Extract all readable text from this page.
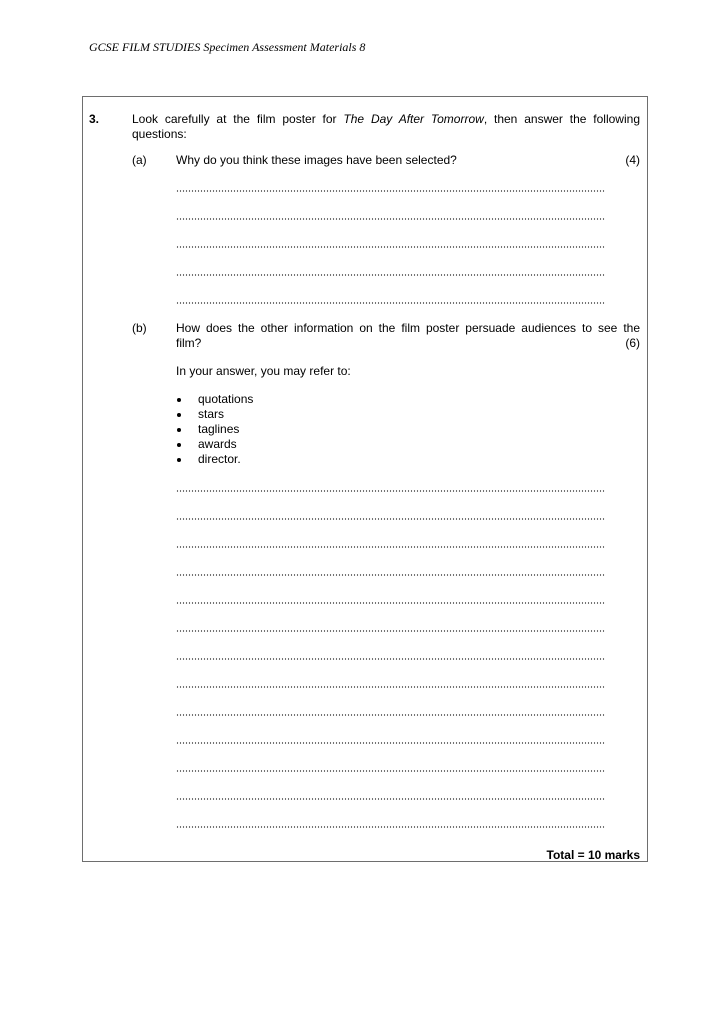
GCSE FILM STUDIES Specimen Assessment Materials 8
3.	Look carefully at the film poster for The Day After Tomorrow, then answer the following questions:
(a) Why do you think these images have been selected?	(4)
(b) How does the other information on the film poster persuade audiences to see the
film?	(6)
In your answer, you may refer to:
quotations
stars
taglines
awards
director.
Total = 10 marks
